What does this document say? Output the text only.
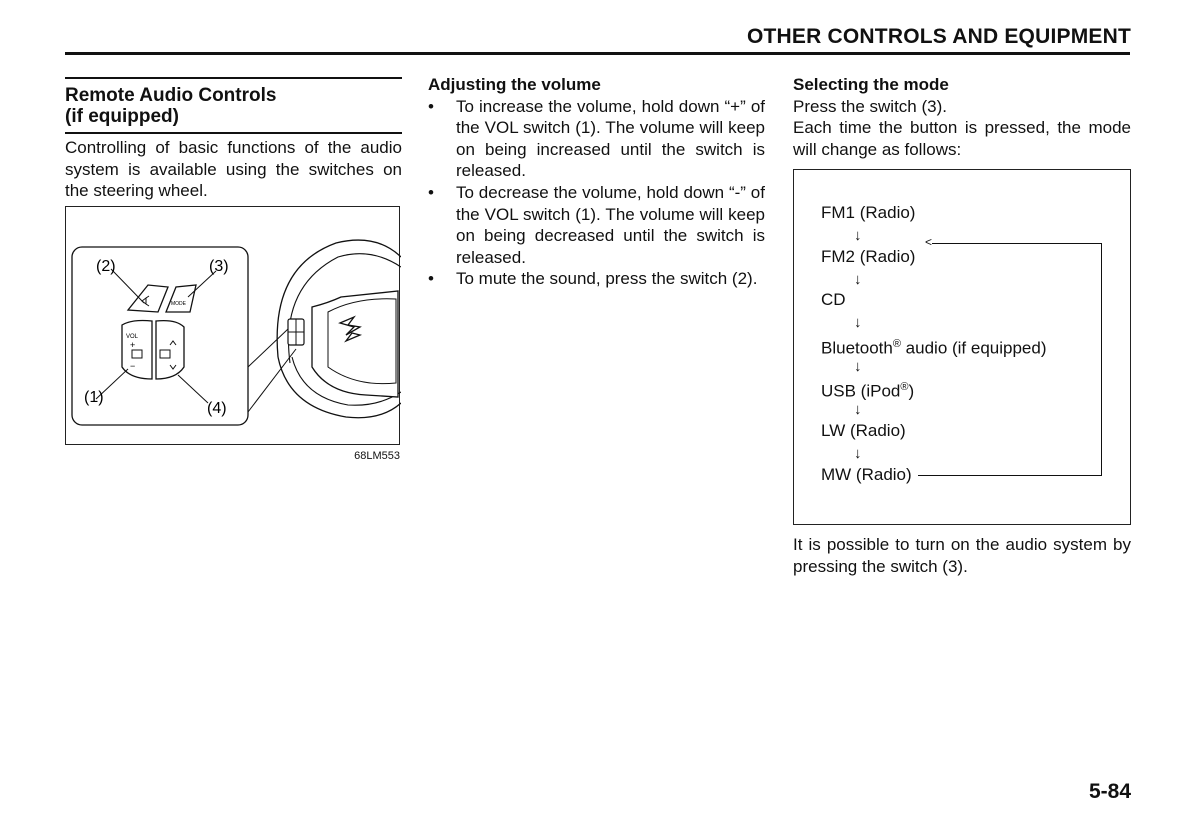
OTHER CONTROLS AND EQUIPMENT
Remote Audio Controls
(if equipped)
Controlling of basic functions of the audio system is available using the switches on the steering wheel.
MODE
VOL
+
−
(1)
(2)	(3)
(4)
68LM553
Adjusting the volume
• To increase the volume, hold down “+” of the VOL switch (1). The volume will keep on being increased until the switch is released.
• To decrease the volume, hold down “-” of the VOL switch (1). The volume will keep on being decreased until the switch is released.
• To mute the sound, press the switch (2).
Selecting the mode
Press the switch (3).
Each time the button is pressed, the mode will change as follows:
FM1 (Radio)
↓
FM2 (Radio)
↓
CD
↓
Bluetooth® audio (if equipped)
↓
USB (iPod®)
↓
LW (Radio)
↓
MW (Radio)
<
It is possible to turn on the audio system by pressing the switch (3).
5-84
